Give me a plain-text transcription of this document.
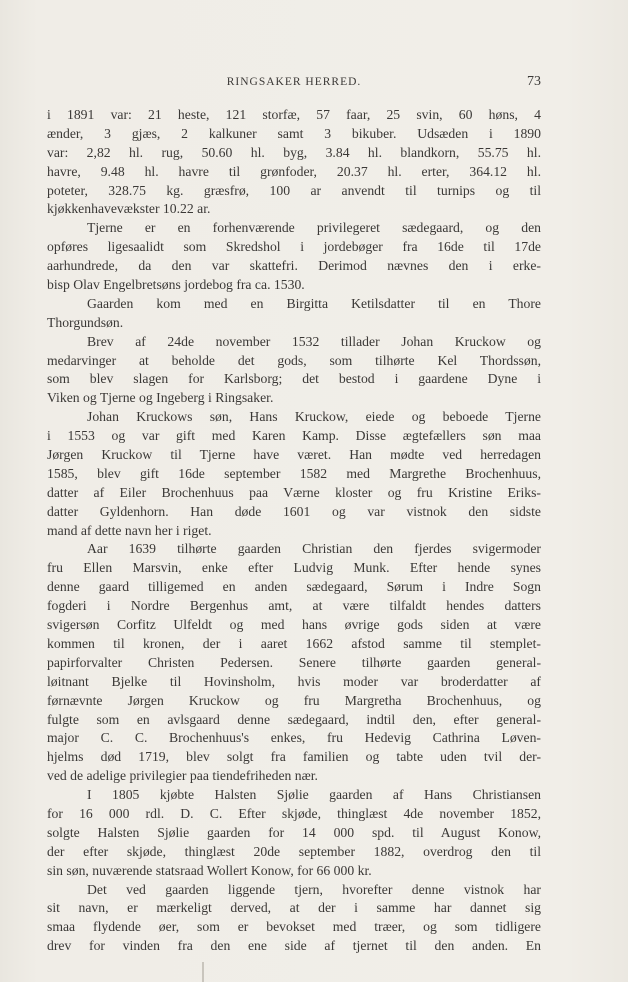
RINGSAKER HERRED.	73
i 1891 var: 21 heste, 121 storfæ, 57 faar, 25 svin, 60 høns, 4
ænder, 3 gjæs, 2 kalkuner samt 3 bikuber. Udsæden i 1890
var: 2,82 hl. rug, 50.60 hl. byg, 3.84 hl. blandkorn, 55.75 hl.
havre, 9.48 hl. havre til grønfoder, 20.37 hl. erter, 364.12 hl.
poteter, 328.75 kg. græsfrø, 100 ar anvendt til turnips og til
kjøkkenhavevækster 10.22 ar.
Tjerne er en forhenværende privilegeret sædegaard, og den
opføres ligesaalidt som Skredshol i jordebøger fra 16de til 17de
aarhundrede, da den var skattefri. Derimod nævnes den i erke-
bisp Olav Engelbretsøns jordebog fra ca. 1530.
Gaarden kom med en Birgitta Ketilsdatter til en Thore
Thorgundsøn.
Brev af 24de november 1532 tillader Johan Kruckow og
medarvinger at beholde det gods, som tilhørte Kel Thordssøn,
som blev slagen for Karlsborg; det bestod i gaardene Dyne i
Viken og Tjerne og Ingeberg i Ringsaker.
Johan Kruckows søn, Hans Kruckow, eiede og beboede Tjerne
i 1553 og var gift med Karen Kamp. Disse ægtefællers søn maa
Jørgen Kruckow til Tjerne have været. Han mødte ved herredagen
1585, blev gift 16de september 1582 med Margrethe Brochenhuus,
datter af Eiler Brochenhuus paa Værne kloster og fru Kristine Eriks-
datter Gyldenhorn. Han døde 1601 og var vistnok den sidste
mand af dette navn her i riget.
Aar 1639 tilhørte gaarden Christian den fjerdes svigermoder
fru Ellen Marsvin, enke efter Ludvig Munk. Efter hende synes
denne gaard tilligemed en anden sædegaard, Sørum i Indre Sogn
fogderi i Nordre Bergenhus amt, at være tilfaldt hendes datters
svigersøn Corfitz Ulfeldt og med hans øvrige gods siden at være
kommen til kronen, der i aaret 1662 afstod samme til stemplet-
papirforvalter Christen Pedersen. Senere tilhørte gaarden general-
løitnant Bjelke til Hovinsholm, hvis moder var broderdatter af
førnævnte Jørgen Kruckow og fru Margretha Brochenhuus, og
fulgte som en avlsgaard denne sædegaard, indtil den, efter general-
major C. C. Brochenhuus's enkes, fru Hedevig Cathrina Løven-
hjelms død 1719, blev solgt fra familien og tabte uden tvil der-
ved de adelige privilegier paa tiendefriheden nær.
I 1805 kjøbte Halsten Sjølie gaarden af Hans Christiansen
for 16 000 rdl. D. C. Efter skjøde, thinglæst 4de november 1852,
solgte Halsten Sjølie gaarden for 14 000 spd. til August Konow,
der efter skjøde, thinglæst 20de september 1882, overdrog den til
sin søn, nuværende statsraad Wollert Konow, for 66 000 kr.
Det ved gaarden liggende tjern, hvorefter denne vistnok har
sit navn, er mærkeligt derved, at der i samme har dannet sig
smaa flydende øer, som er bevokset med træer, og som tidligere
drev for vinden fra den ene side af tjernet til den anden. En
